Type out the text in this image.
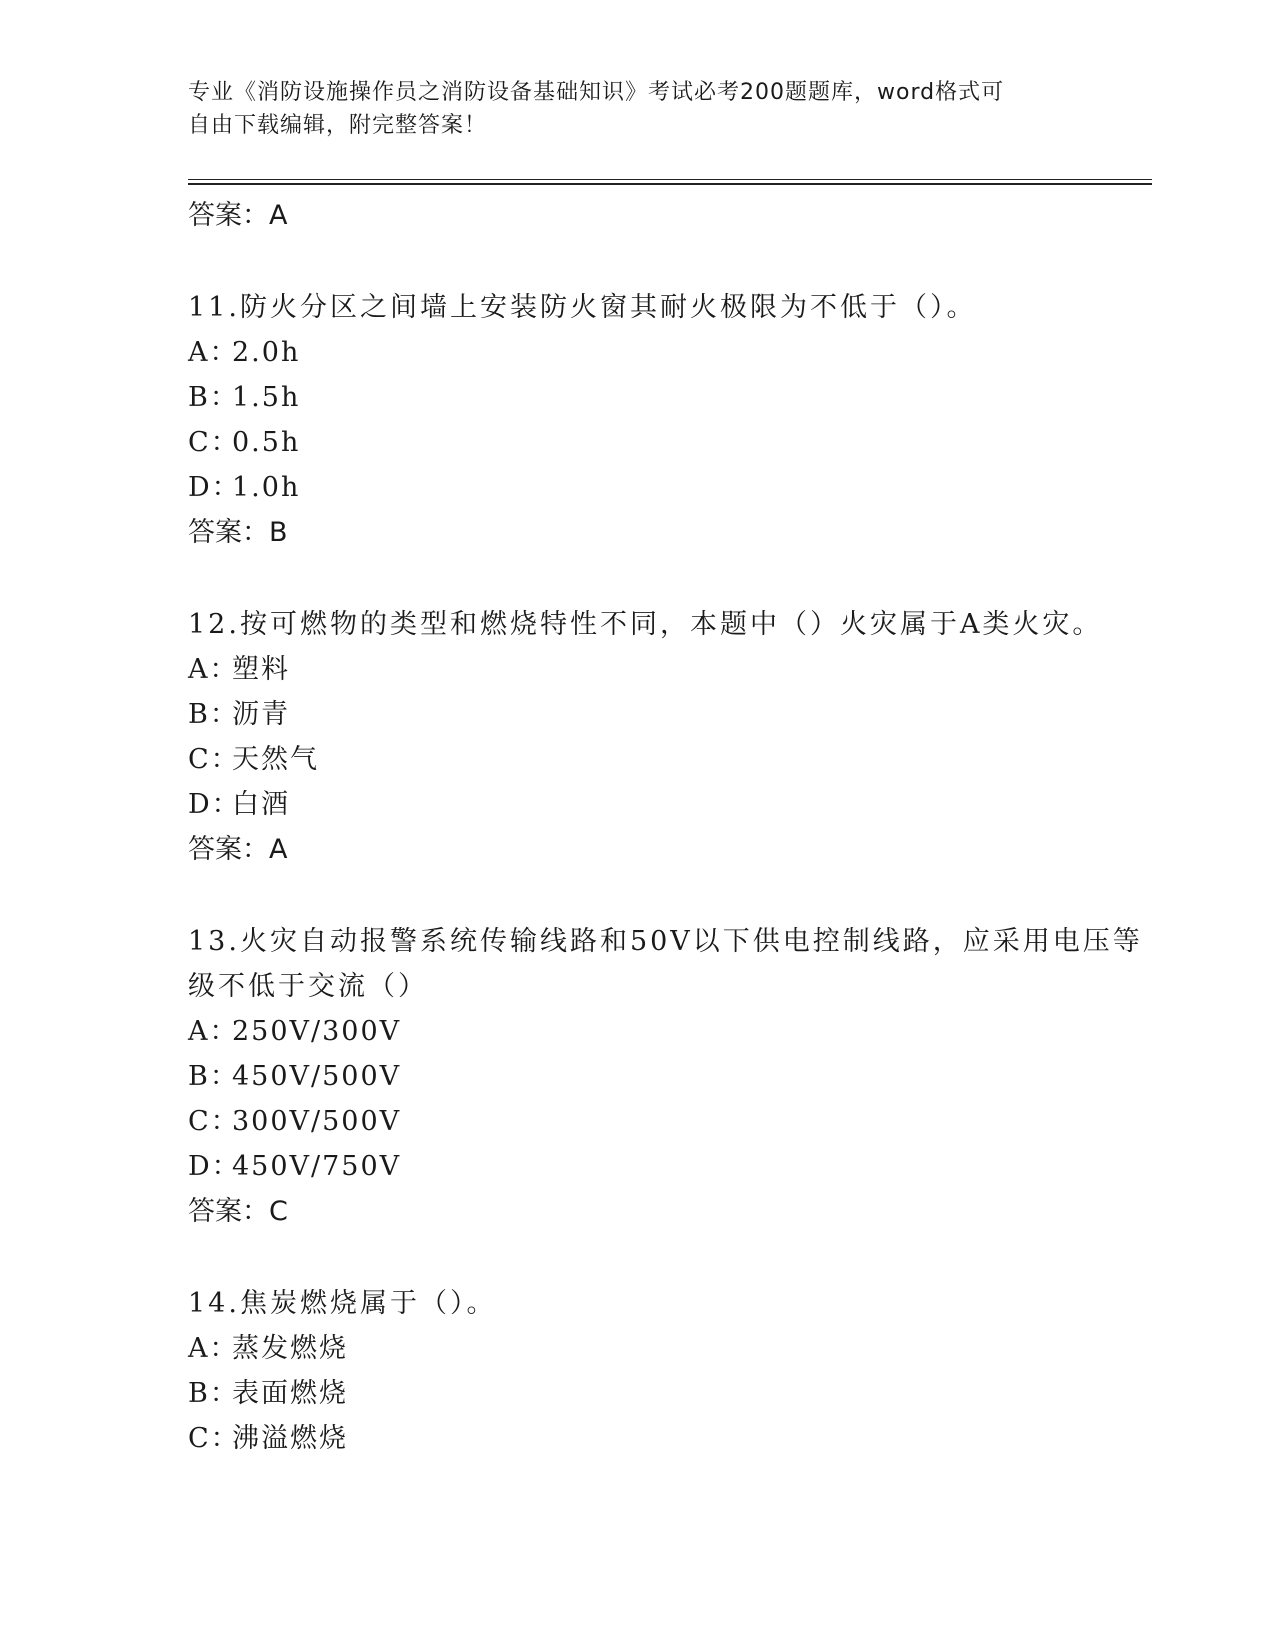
专业《消防设施操作员之消防设备基础知识》考试必考200题题库，word格式可
自由下载编辑，附完整答案！

答案：A

11.防火分区之间墙上安装防火窗其耐火极限为不低于（）。

A：2.0h

B：1.5h

C：0.5h

D：1.0h

答案：B

12.按可燃物的类型和燃烧特性不同，本题中（）火灾属于A类火灾。

A：塑料

B：沥青

C：天然气

D：白酒

答案：A

13.火灾自动报警系统传输线路和50V以下供电控制线路，应采用电压等级不低于交流（）

A：250V/300V

B：450V/500V

C：300V/500V

D：450V/750V

答案：C

14.焦炭燃烧属于（）。

A：蒸发燃烧

B：表面燃烧

C：沸溢燃烧
